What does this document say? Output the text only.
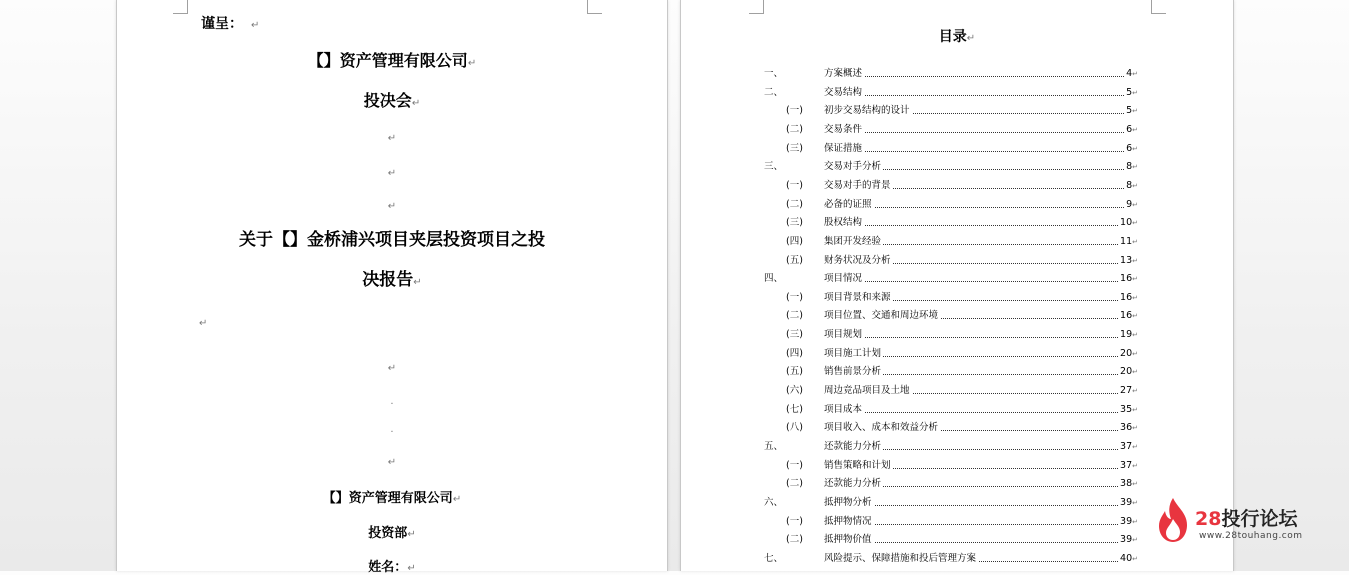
谨呈： ↵
【】资产管理有限公司↵
投决会↵
↵
↵
↵
关于【】金桥浦兴项目夹层投资项目之投
决报告↵
↵
↵
·
·
↵
【】资产管理有限公司↵
投资部↵
姓名：↵
目录↵
一、	方案概述	4↵
二、	交易结构	5↵
(一) 初步交易结构的设计	5↵
(二) 交易条件	6↵
(三) 保证措施	6↵
三、	交易对手分析	8↵
(一) 交易对手的背景	8↵
(二) 必备的证照	9↵
(三) 股权结构	10↵
(四) 集团开发经验	11↵
(五) 财务状况及分析	13↵
四、	项目情况	16↵
(一) 项目背景和来源	16↵
(二) 项目位置、交通和周边环境	16↵
(三) 项目规划	19↵
(四) 项目施工计划	20↵
(五) 销售前景分析	20↵
(六) 周边竞品项目及土地	27↵
(七) 项目成本	35↵
(八) 项目收入、成本和效益分析	36↵
五、	还款能力分析	37↵
(一) 销售策略和计划	37↵
(二) 还款能力分析	38↵
六、	抵押物分析	39↵
(一) 抵押物情况	39↵
(二) 抵押物价值	39↵
七、	风险提示、保障措施和投后管理方案	40↵
28投行论坛
www.28touhang.com
